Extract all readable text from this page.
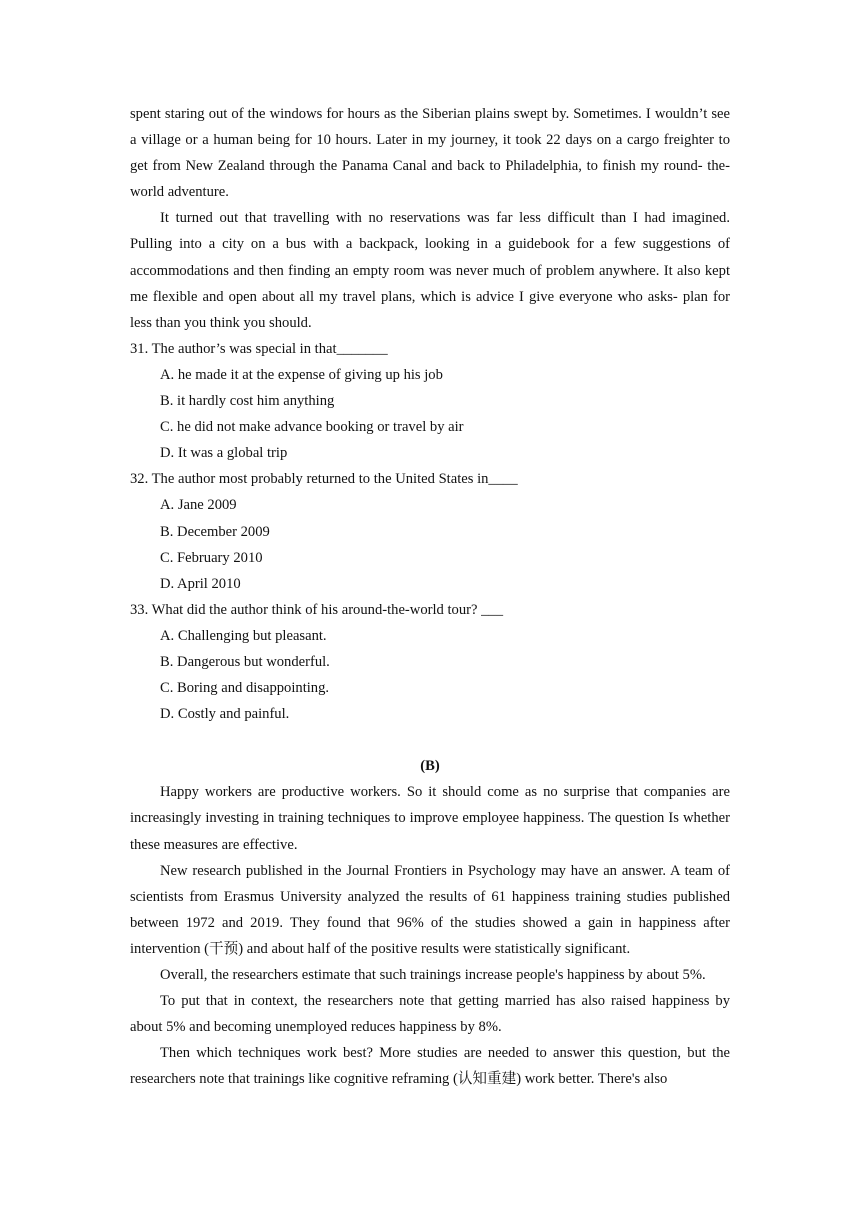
spent staring out of the windows for hours as the Siberian plains swept by. Sometimes. I wouldn’t see a village or a human being for 10 hours. Later in my journey, it took 22 days on a cargo freighter to get from New Zealand through the Panama Canal and back to Philadelphia, to finish my round- the- world adventure.

It turned out that travelling with no reservations was far less difficult than I had imagined. Pulling into a city on a bus with a backpack, looking in a guidebook for a few suggestions of accommodations and then finding an empty room was never much of problem anywhere. It also kept me flexible and open about all my travel plans, which is advice I give everyone who asks- plan for less than you think you should.

31. The author’s was special in that_______

A. he made it at the expense of giving up his job

B. it hardly cost him anything

C. he did not make advance booking or travel by air

D. It was a global trip

32. The author most probably returned to the United States in____

A. Jane 2009

B. December 2009

C. February 2010

D. April 2010

33. What did the author think of his around-the-world tour? ___

A. Challenging but pleasant.

B. Dangerous but wonderful.

C. Boring and disappointing.

D. Costly and painful.

(B)

Happy workers are productive workers. So it should come as no surprise that companies are increasingly investing in training techniques to improve employee happiness. The question Is whether these measures are effective.

New research published in the Journal Frontiers in Psychology may have an answer. A team of scientists from Erasmus University analyzed the results of 61 happiness training studies published between 1972 and 2019. They found that 96% of the studies showed a gain in happiness after intervention (干预) and about half of the positive results were statistically significant.

Overall, the researchers estimate that such trainings increase people's happiness by about 5%.

To put that in context, the researchers note that getting married has also raised happiness by about 5% and becoming unemployed reduces happiness by 8%.

Then which techniques work best? More studies are needed to answer this question, but the researchers note that trainings like cognitive reframing (认知重建) work better. There's also
